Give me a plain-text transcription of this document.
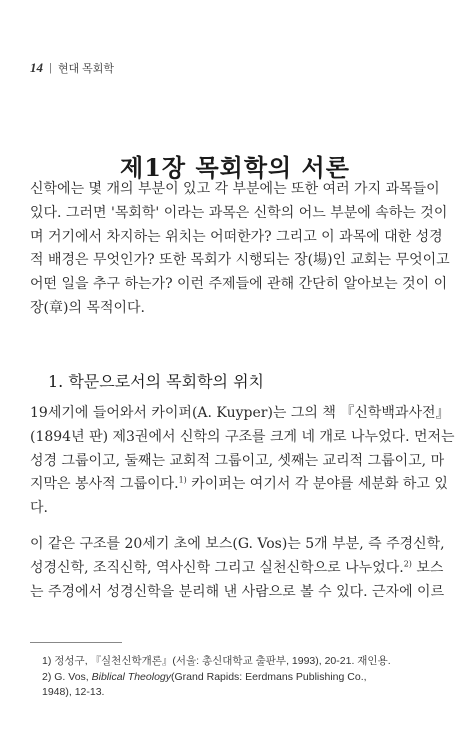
14 | 현대 목회학
제1장 목회학의 서론
신학에는 몇 개의 부분이 있고 각 부분에는 또한 여러 가지 과목들이
있다. 그러면 '목회학' 이라는 과목은 신학의 어느 부분에 속하는 것이
며 거기에서 차지하는 위치는 어떠한가? 그리고 이 과목에 대한 성경
적 배경은 무엇인가? 또한 목회가 시행되는 장(場)인 교회는 무엇이고
어떤 일을 추구 하는가? 이런 주제들에 관해 간단히 알아보는 것이 이
장(章)의 목적이다.
1. 학문으로서의 목회학의 위치
19세기에 들어와서 카이퍼(A. Kuyper)는 그의 책 『신학백과사전』
(1894년 판) 제3권에서 신학의 구조를 크게 네 개로 나누었다. 먼저는
성경 그룹이고, 둘째는 교회적 그룹이고, 셋째는 교리적 그룹이고, 마
지막은 봉사적 그룹이다.$^{1)}$ 카이퍼는 여기서 각 분야를 세분화 하고 있
다.
이 같은 구조를 20세기 초에 보스(G. Vos)는 5개 부분, 즉 주경신학,
성경신학, 조직신학, 역사신학 그리고 실천신학으로 나누었다.$^{2)}$ 보스
는 주경에서 성경신학을 분리해 낸 사람으로 볼 수 있다. 근자에 이르
1) 정성구, 『실천신학개론』(서울: 총신대학교 출판부, 1993), 20-21. 재인용.
2) G. Vos, Biblical Theology(Grand Rapids: Eerdmans Publishing Co.,
1948), 12-13.
